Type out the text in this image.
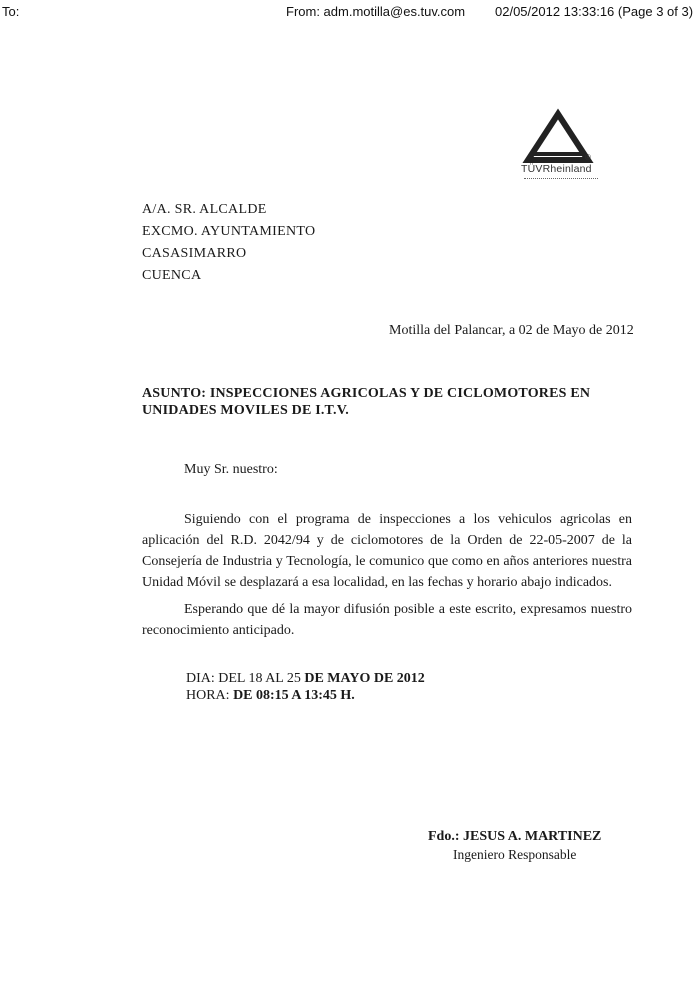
To:	From: adm.motilla@es.tuv.com 02/05/2012 13:33:16 (Page 3 of 3)
®
TÜVRheinland
A/A. SR. ALCALDE
EXCMO. AYUNTAMIENTO
CASASIMARRO
CUENCA
Motilla del Palancar, a 02 de Mayo de 2012
ASUNTO: INSPECCIONES AGRICOLAS Y DE CICLOMOTORES EN UNIDADES MOVILES DE I.T.V.
Muy Sr. nuestro:
Siguiendo con el programa de inspecciones a los vehiculos agricolas en aplicación del R.D. 2042/94 y de ciclomotores de la Orden de 22-05-2007 de la Consejería de Industria y Tecnología, le comunico que como en años anteriores nuestra Unidad Móvil se desplazará a esa localidad, en las fechas y horario abajo indicados.
Esperando que dé la mayor difusión posible a este escrito, expresamos nuestro reconocimiento anticipado.
DIA: DEL 18 AL 25 DE MAYO DE 2012
HORA: DE 08:15 A 13:45 H.
Fdo.: JESUS A. MARTINEZ
Ingeniero Responsable
